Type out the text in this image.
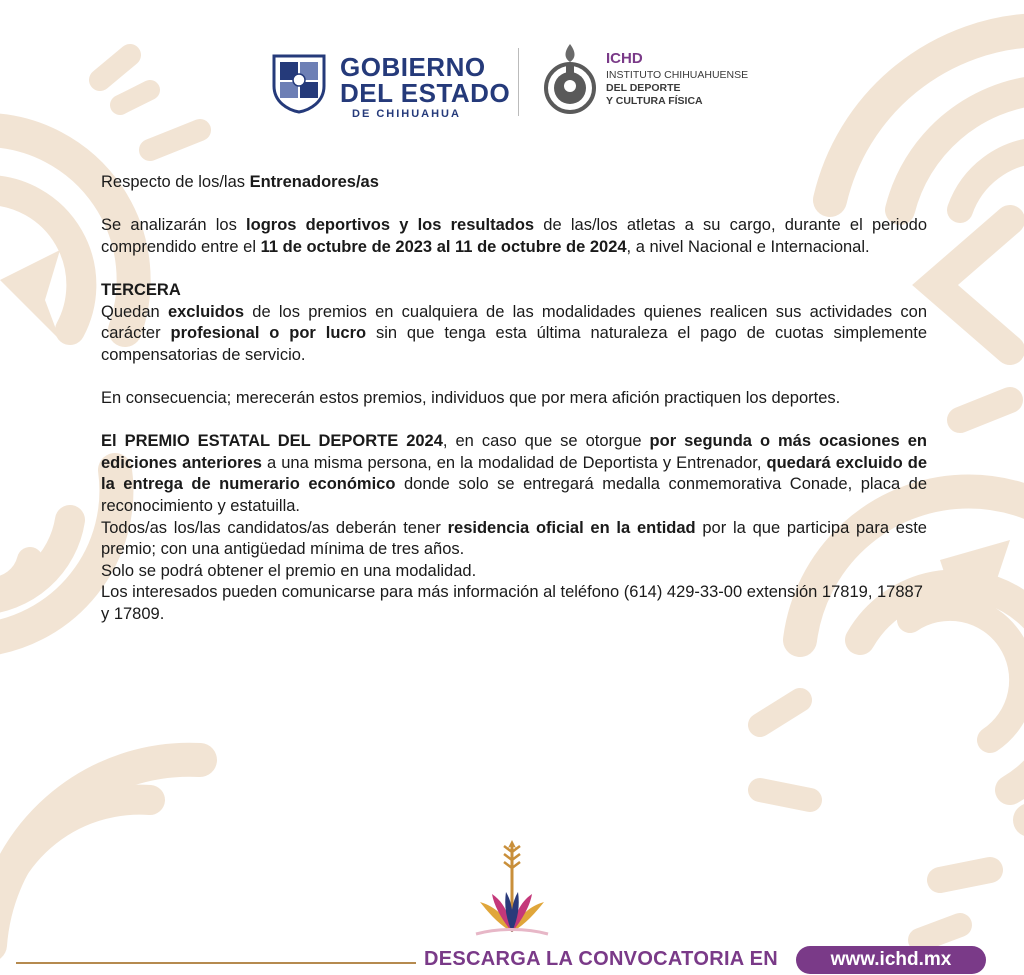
GOBIERNO
DEL ESTADO
DE CHIHUAHUA
ICHD
INSTITUTO CHIHUAHUENSE
DEL DEPORTE
Y CULTURA FÍSICA

Respecto de los/las Entrenadores/as

Se analizarán los logros deportivos y los resultados de las/los atletas a su cargo, durante el periodo comprendido entre el 11 de octubre de 2023 al 11 de octubre de 2024, a nivel Nacional e Internacional.

TERCERA

Quedan excluidos de los premios en cualquiera de las modalidades quienes realicen sus actividades con carácter profesional o por lucro sin que tenga esta última naturaleza el pago de cuotas simplemente compensatorias de servicio.

En consecuencia; merecerán estos premios, individuos que por mera afición practiquen los deportes.

El PREMIO ESTATAL DEL DEPORTE 2024, en caso que se otorgue por segunda o más ocasiones en ediciones anteriores a una misma persona, en la modalidad de Deportista y Entrenador, quedará excluido de la entrega de numerario económico donde solo se entregará medalla conmemorativa Conade, placa de reconocimiento y estatuilla.

Todos/as los/las candidatos/as deberán tener residencia oficial en la entidad por la que participa para este premio; con una antigüedad mínima de tres años.

Solo se podrá obtener el premio en una modalidad.

Los interesados pueden comunicarse para más información al teléfono (614) 429-33-00 extensión 17819, 17887 y 17809.

DESCARGA LA CONVOCATORIA EN	www.ichd.mx
